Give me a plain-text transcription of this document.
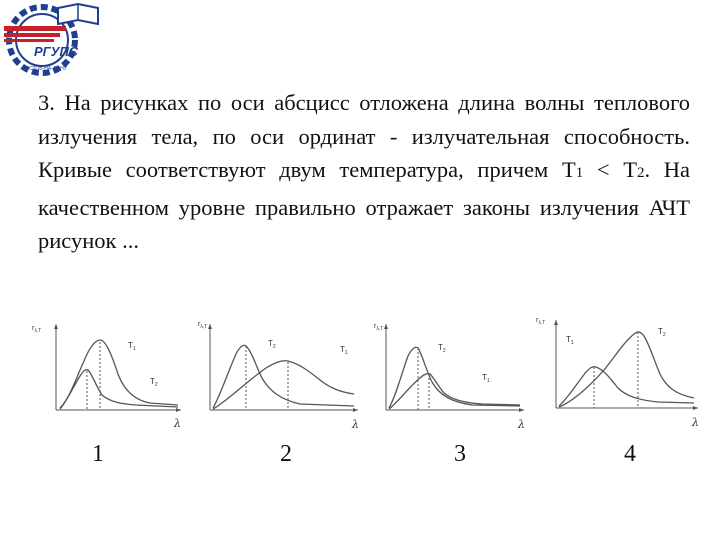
РГУПС
РОСТОВ-НА-ДОНУ

3. На рисунках по оси абсцисс отложена длина волны теплового излучения тела, по оси ординат - излучательная способность. Кривые соответствуют двум температура, причем Т1 < Т2. На качественном уровне правильно отражает законы излучения АЧТ рисунок ...

$r_{\lambda,T}$
λ
$T_1$
$T_2$
1
$r_{\lambda,T}$
λ
$T_2$	$T_1$
2
$r_{\lambda,T}$
λ
$T_2$
$T_1$
3
$r_{\lambda,T}$
λ
$T_1$
$T_2$
4
